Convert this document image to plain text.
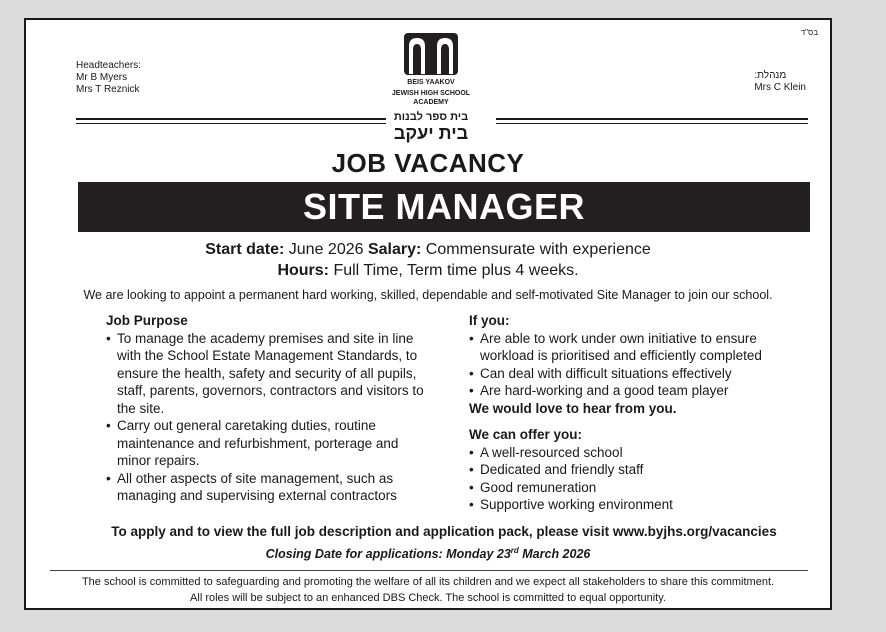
בס"ד
Headteachers:
Mr B Myers
Mrs T Reznick
מנהלת:
Mrs C Klein
BEIS YAAKOV
JEWISH HIGH SCHOOL ACADEMY
בית ספר לבנות
בית יעקב
JOB VACANCY
SITE MANAGER
Start date: June 2026 Salary: Commensurate with experience
Hours: Full Time, Term time plus 4 weeks.
We are looking to appoint a permanent hard working, skilled, dependable and self-motivated Site Manager to join our school.
Job Purpose
• To manage the academy premises and site in line with the School Estate Management Standards, to ensure the health, safety and security of all pupils, staff, parents, governors, contractors and visitors to the site.
• Carry out general caretaking duties, routine maintenance and refurbishment, porterage and minor repairs.
• All other aspects of site management, such as managing and supervising external contractors
If you:
• Are able to work under own initiative to ensure workload is prioritised and efficiently completed
• Can deal with difficult situations effectively
• Are hard-working and a good team player
We would love to hear from you.
We can offer you:
• A well-resourced school
• Dedicated and friendly staff
• Good remuneration
• Supportive working environment
To apply and to view the full job description and application pack, please visit www.byjhs.org/vacancies
Closing Date for applications: Monday 23rd March 2026
The school is committed to safeguarding and promoting the welfare of all its children and we expect all stakeholders to share this commitment.
All roles will be subject to an enhanced DBS Check. The school is committed to equal opportunity.
